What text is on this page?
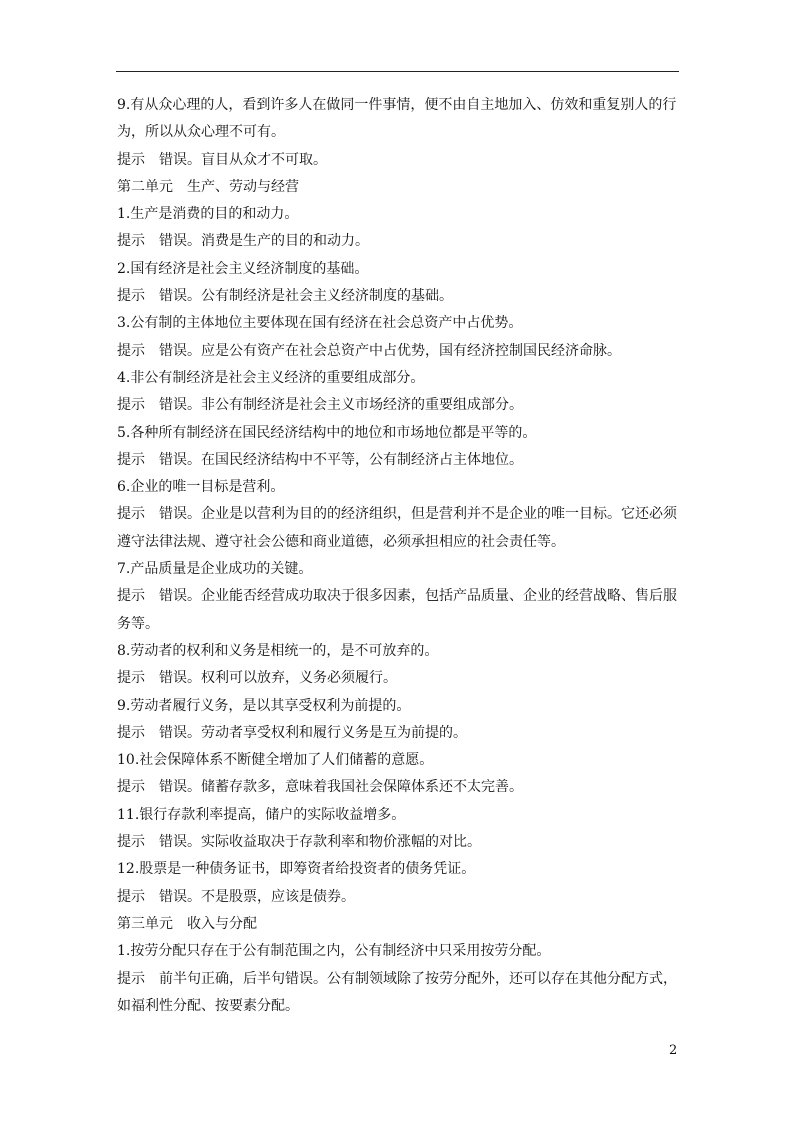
9.有从众心理的人，看到许多人在做同一件事情，便不由自主地加入、仿效和重复别人的行
为，所以从众心理不可有。
提示　错误。盲目从众才不可取。
第二单元　生产、劳动与经营
1.生产是消费的目的和动力。
提示　错误。消费是生产的目的和动力。
2.国有经济是社会主义经济制度的基础。
提示　错误。公有制经济是社会主义经济制度的基础。
3.公有制的主体地位主要体现在国有经济在社会总资产中占优势。
提示　错误。应是公有资产在社会总资产中占优势，国有经济控制国民经济命脉。
4.非公有制经济是社会主义经济的重要组成部分。
提示　错误。非公有制经济是社会主义市场经济的重要组成部分。
5.各种所有制经济在国民经济结构中的地位和市场地位都是平等的。
提示　错误。在国民经济结构中不平等，公有制经济占主体地位。
6.企业的唯一目标是营利。
提示　错误。企业是以营利为目的的经济组织，但是营利并不是企业的唯一目标。它还必须
遵守法律法规、遵守社会公德和商业道德，必须承担相应的社会责任等。
7.产品质量是企业成功的关键。
提示　错误。企业能否经营成功取决于很多因素，包括产品质量、企业的经营战略、售后服
务等。
8.劳动者的权利和义务是相统一的，是不可放弃的。
提示　错误。权利可以放弃，义务必须履行。
9.劳动者履行义务，是以其享受权利为前提的。
提示　错误。劳动者享受权利和履行义务是互为前提的。
10.社会保障体系不断健全增加了人们储蓄的意愿。
提示　错误。储蓄存款多，意味着我国社会保障体系还不太完善。
11.银行存款利率提高，储户的实际收益增多。
提示　错误。实际收益取决于存款利率和物价涨幅的对比。
12.股票是一种债务证书，即筹资者给投资者的债务凭证。
提示　错误。不是股票，应该是债券。
第三单元　收入与分配
1.按劳分配只存在于公有制范围之内，公有制经济中只采用按劳分配。
提示　前半句正确，后半句错误。公有制领域除了按劳分配外，还可以存在其他分配方式，
如福利性分配、按要素分配。
2
